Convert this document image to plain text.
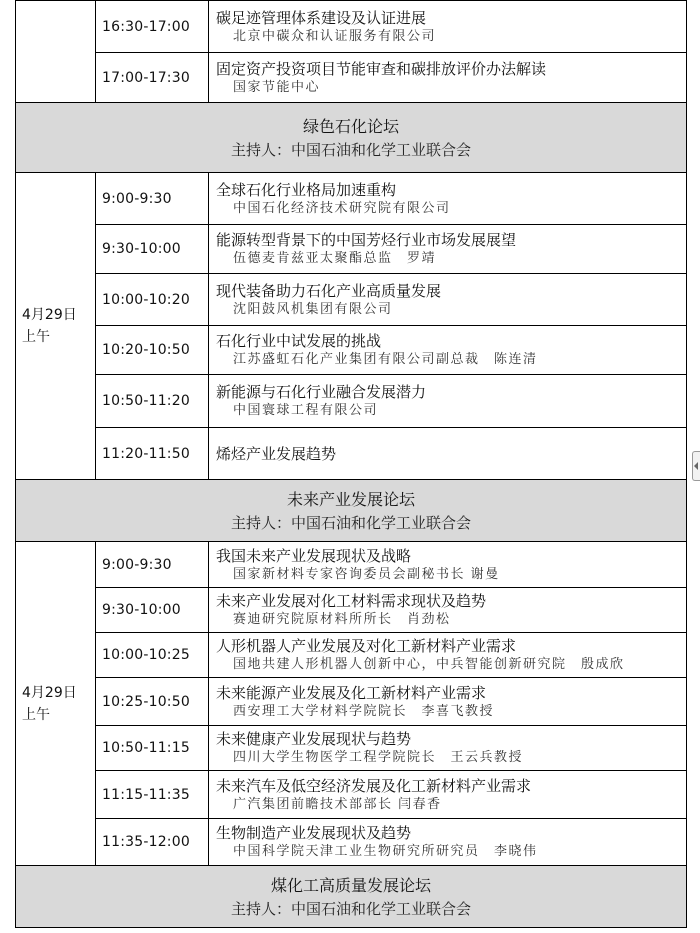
	16:30-17:00	碳足迹管理体系建设及认证进展
北京中碳众和认证服务有限公司

	17:00-17:30	固定资产投资项目节能审查和碳排放评价办法解读
国家节能中心

绿色石化论坛
主持人：中国石油和化学工业联合会		

4月29日上午	9:00-9:30	全球石化行业格局加速重构
中国石化经济技术研究院有限公司

	9:30-10:00	能源转型背景下的中国芳烃行业市场发展展望
伍德麦肯兹亚太聚酯总监　罗靖

	10:00-10:20	现代装备助力石化产业高质量发展
沈阳鼓风机集团有限公司

	10:20-10:50	石化行业中试发展的挑战
江苏盛虹石化产业集团有限公司副总裁　陈连清

	10:50-11:20	新能源与石化行业融合发展潜力
中国寰球工程有限公司

	11:20-11:50	烯烃产业发展趋势

未来产业发展论坛
主持人：中国石油和化学工业联合会		

4月29日上午	9:00-9:30	我国未来产业发展现状及战略
国家新材料专家咨询委员会副秘书长 谢曼

	9:30-10:00	未来产业发展对化工材料需求现状及趋势
赛迪研究院原材料所所长　肖劲松

	10:00-10:25	人形机器人产业发展及对化工新材料产业需求
国地共建人形机器人创新中心，中兵智能创新研究院　殷成欣

	10:25-10:50	未来能源产业发展及化工新材料产业需求
西安理工大学材料学院院长　李喜飞教授

	10:50-11:15	未来健康产业发展现状与趋势
四川大学生物医学工程学院院长　王云兵教授

	11:15-11:35	未来汽车及低空经济发展及化工新材料产业需求
广汽集团前瞻技术部部长 闫春香

	11:35-12:00	生物制造产业发展现状及趋势
中国科学院天津工业生物研究所研究员　李晓伟

煤化工高质量发展论坛
主持人：中国石油和化学工业联合会		
